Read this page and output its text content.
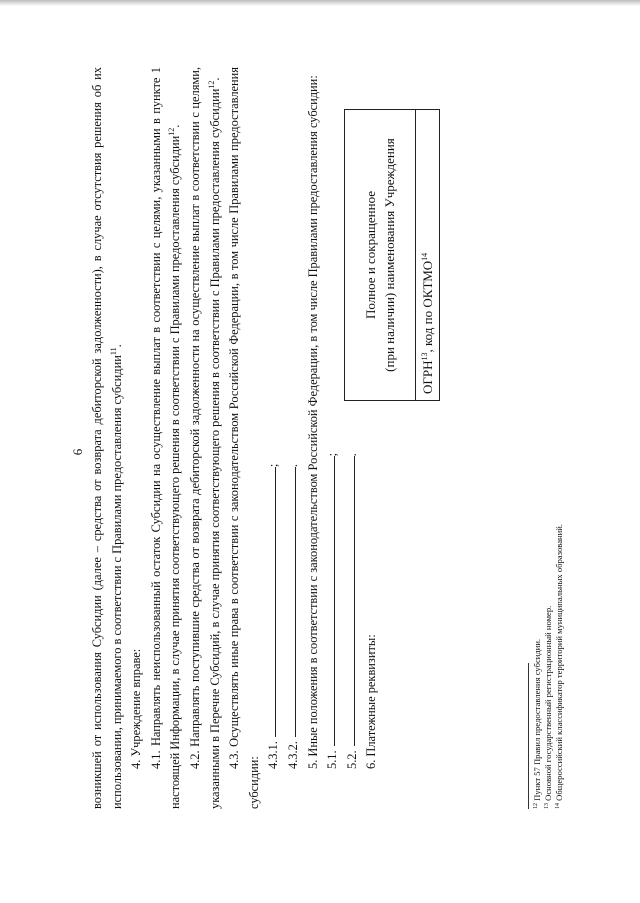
6 возникшей от использования Субсидии (далее – средства от возврата дебиторской задолженности), в случае отсутствия решения об их использовании, принимаемого в соответствии с Правилами предоставления субсидии$^{11}$.

4. Учреждение вправе: 4.1. Направлять неиспользованный остаток Субсидии на осуществление выплат в соответствии с целями, указанными в пункте 1 настоящей Информации, в случае принятия соответствующего решения в соответствии с Правилами предоставления субсидии$^{12}$. 4.2. Направлять поступившие средства от возврата дебиторской задолженности на осуществление выплат в соответствии с целями, указанными в Перечне Субсидий, в случае принятия соответствующего решения в соответствии с Правилами предоставления субсидии$^{12}$. 4.3. Осуществлять иные права в соответствии с законодательством Российской Федерации, в том числе Правилами предоставления субсидии:

4.3.1.;

4.3.2.. 5. Иные положения в соответствии с законодательством Российской Федерации, в том числе Правилами предоставления субсидии: 5.1.;

5.2..

6. Платежные реквизиты:

Полное и сокращенное (при наличии) наименования Учреждения

ОГРН$^{13}$, код по ОКТМО$^{14}$
$^{12}$ Пункт 57 Правил предоставления субсидии.
$^{13}$ Основной государственный регистрационный номер.
$^{14}$ Общероссийский классификатор территорий муниципальных образований.
